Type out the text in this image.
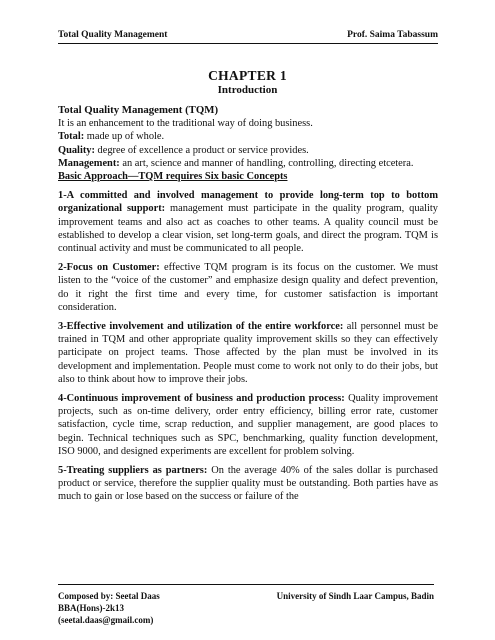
Total Quality Management	Prof. Saima Tabassum
CHAPTER 1
Introduction

Total Quality Management (TQM)

It is an enhancement to the traditional way of doing business.

Total: made up of whole.

Quality: degree of excellence a product or service provides.

Management: an art, science and manner of handling, controlling, directing etcetera.

Basic Approach—TQM requires Six basic Concepts

1-A committed and involved management to provide long-term top to bottom organizational support: management must participate in the quality program, quality improvement teams and also act as coaches to other teams. A quality council must be established to develop a clear vision, set long-term goals, and direct the program. TQM is continual activity and must be communicated to all people.

2-Focus on Customer: effective TQM program is its focus on the customer. We must listen to the “voice of the customer” and emphasize design quality and defect prevention, do it right the first time and every time, for customer satisfaction is important consideration.

3-Effective involvement and utilization of the entire workforce: all personnel must be trained in TQM and other appropriate quality improvement skills so they can effectively participate on project teams. Those affected by the plan must be involved in its development and implementation. People must come to work not only to do their jobs, but also to think about how to improve their jobs.

4-Continuous improvement of business and production process: Quality improvement projects, such as on-time delivery, order entry efficiency, billing error rate, customer satisfaction, cycle time, scrap reduction, and supplier management, are good places to begin. Technical techniques such as SPC, benchmarking, quality function development, ISO 9000, and designed experiments are excellent for problem solving.

5-Treating suppliers as partners: On the average 40% of the sales dollar is purchased product or service, therefore the supplier quality must be outstanding. Both parties have as much to gain or lose based on the success or failure of the

Composed by: Seetal Daas
BBA(Hons)-2k13
(seetal.daas@gmail.com)
University of Sindh Laar Campus, Badin
